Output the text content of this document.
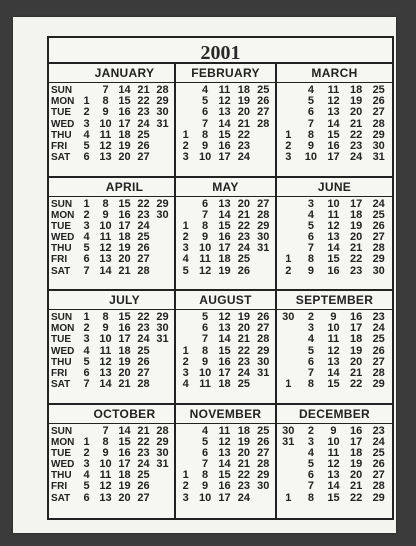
2001
JANUARY
SUN
MON
TUE
WED
THU
FRI
SAT
1
2
3
4
5
6
7
8
9
10
11
12
13
14
15
16
17
18
19
20
21
22
23
24
25
26
27
28
29
30
31
FEBRUARY
1
2
3
4
5
6
7
8
9
10
11
12
13
14
15
16
17
18
19
20
21
22
23
24
25
26
27
28
MARCH
1
2
3
4
5
6
7
8
9
10
11
12
13
14
15
16
17
18
19
20
21
22
23
24
25
26
27
28
29
30
31
APRIL
SUN
MON
TUE
WED
THU
FRI
SAT
1
2
3
4
5
6
7
8
9
10
11
12
13
14
15
16
17
18
19
20
21
22
23
24
25
26
27
28
29
30
MAY
1
2
3
4
5
6
7
8
9
10
11
12
13
14
15
16
17
18
19
20
21
22
23
24
25
26
27
28
29
30
31
JUNE
1
2
3
4
5
6
7
8
9
10
11
12
13
14
15
16
17
18
19
20
21
22
23
24
25
26
27
28
29
30
JULY
SUN
MON
TUE
WED
THU
FRI
SAT
1
2
3
4
5
6
7
8
9
10
11
12
13
14
15
16
17
18
19
20
21
22
23
24
25
26
27
28
29
30
31
AUGUST
1
2
3
4
5
6
7
8
9
10
11
12
13
14
15
16
17
18
19
20
21
22
23
24
25
26
27
28
29
30
31
SEPTEMBER
30
1
2
3
4
5
6
7
8
9
10
11
12
13
14
15
16
17
18
19
20
21
22
23
24
25
26
27
28
29
OCTOBER
SUN
MON
TUE
WED
THU
FRI
SAT
1
2
3
4
5
6
7
8
9
10
11
12
13
14
15
16
17
18
19
20
21
22
23
24
25
26
27
28
29
30
31
NOVEMBER
1
2
3
4
5
6
7
8
9
10
11
12
13
14
15
16
17
18
19
20
21
22
23
24
25
26
27
28
29
30
DECEMBER
30
31
1
2
3
4
5
6
7
8
9
10
11
12
13
14
15
16
17
18
19
20
21
22
23
24
25
26
27
28
29
